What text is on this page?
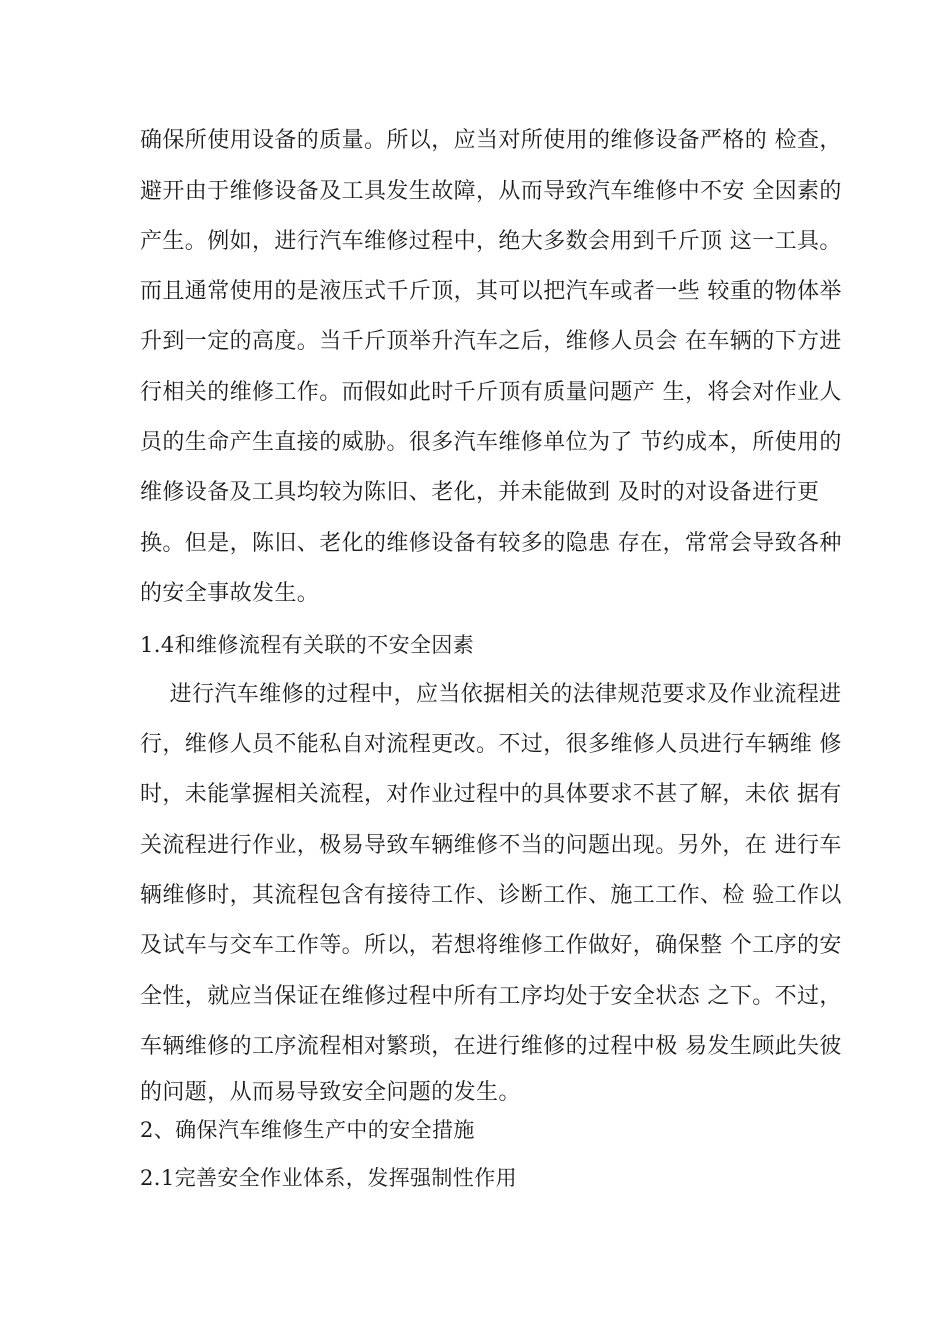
确保所使用设备的质量。所以，应当对所使用的维修设备严格的 检查，
避开由于维修设备及工具发生故障，从而导致汽车维修中不安 全因素的
产生。例如，进行汽车维修过程中，绝大多数会用到千斤顶 这一工具。
而且通常使用的是液压式千斤顶，其可以把汽车或者一些 较重的物体举
升到一定的高度。当千斤顶举升汽车之后，维修人员会 在车辆的下方进
行相关的维修工作。而假如此时千斤顶有质量问题产 生，将会对作业人
员的生命产生直接的威胁。很多汽车维修单位为了 节约成本，所使用的
维修设备及工具均较为陈旧、老化，并未能做到 及时的对设备进行更
换。但是，陈旧、老化的维修设备有较多的隐患 存在，常常会导致各种
的安全事故发生。
1.4和维修流程有关联的不安全因素
进行汽车维修的过程中，应当依据相关的法律规范要求及作业流程进
行，维修人员不能私自对流程更改。不过，很多维修人员进行车辆维 修
时，未能掌握相关流程，对作业过程中的具体要求不甚了解，未依 据有
关流程进行作业，极易导致车辆维修不当的问题出现。另外，在 进行车
辆维修时，其流程包含有接待工作、诊断工作、施工工作、检 验工作以
及试车与交车工作等。所以，若想将维修工作做好，确保整 个工序的安
全性，就应当保证在维修过程中所有工序均处于安全状态 之下。不过，
车辆维修的工序流程相对繁琐，在进行维修的过程中极 易发生顾此失彼
的问题，从而易导致安全问题的发生。
2、确保汽车维修生产中的安全措施
2.1完善安全作业体系，发挥强制性作用
